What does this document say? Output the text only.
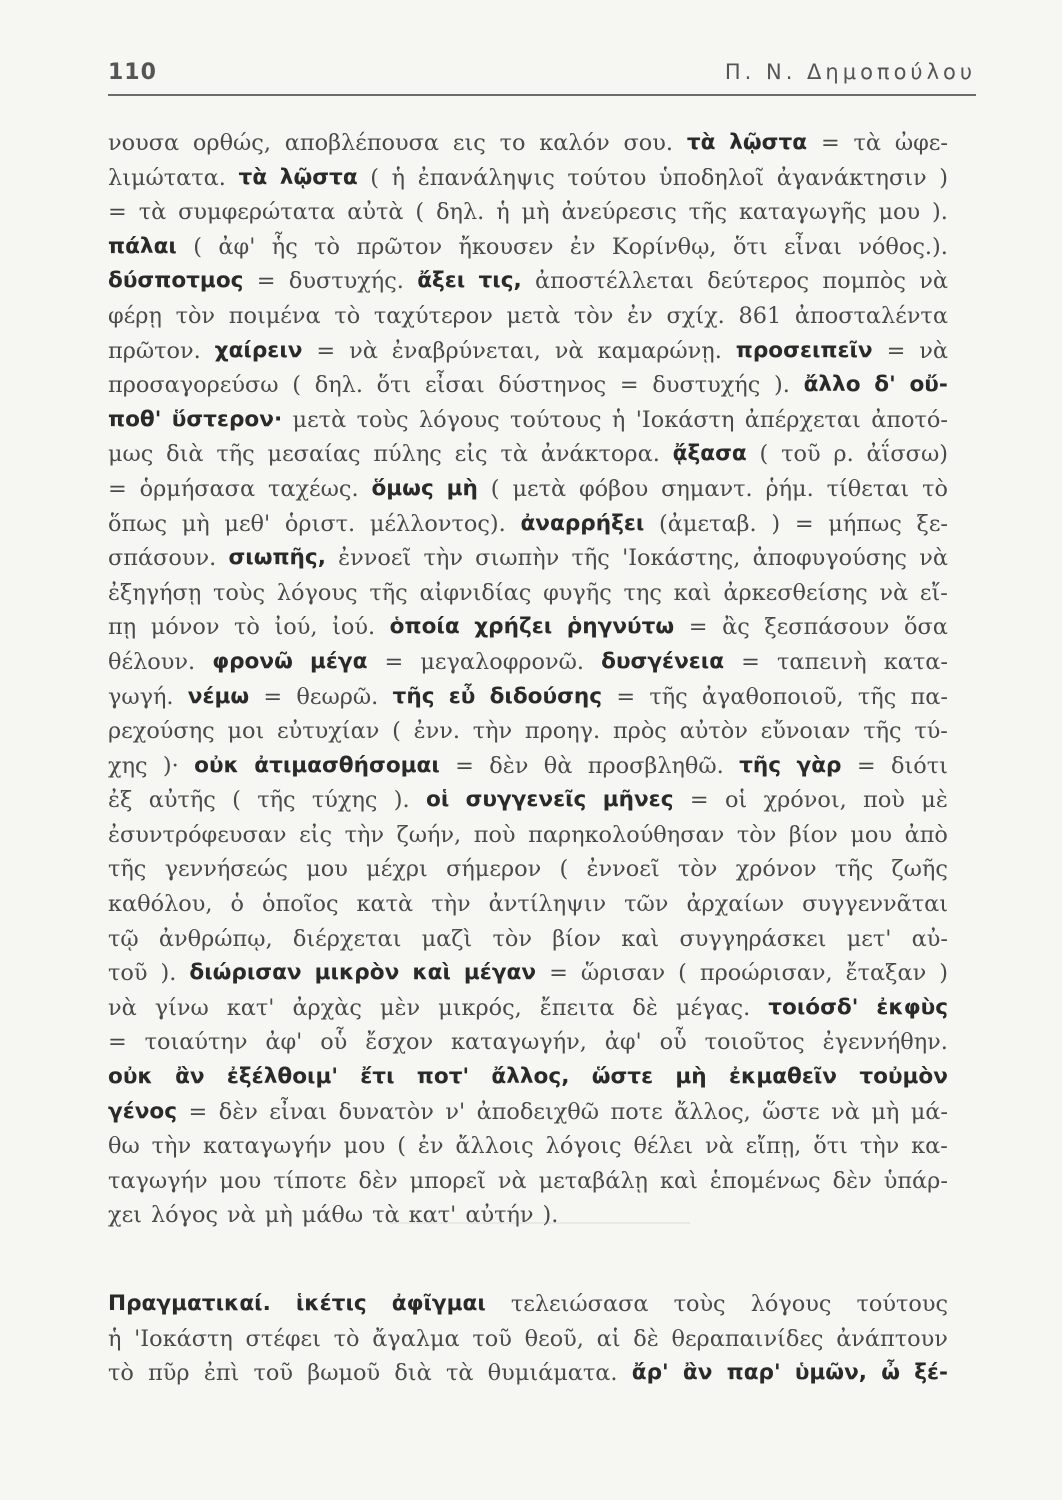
110	Π. Ν. Δημοπούλου
νουσα ορθώς, αποβλέπουσα εις το καλόν σου. τὰ λῷστα = τὰ ὠφε-
λιμώτατα. τὰ λῷστα ( ἡ ἐπανάληψις τούτου ὑποδηλοῖ ἀγανάκτησιν )
= τὰ συμφερώτατα αὐτὰ ( δηλ. ἡ μὴ ἀνεύρεσις τῆς καταγωγῆς μου ).
πάλαι ( ἀφ' ἧς τὸ πρῶτον ἤκουσεν ἐν Κορίνθῳ, ὅτι εἶναι νόθος.).
δύσποτμος = δυστυχής. ἄξει τις, ἀποστέλλεται δεύτερος πομπὸς νὰ
φέρῃ τὸν ποιμένα τὸ ταχύτερον μετὰ τὸν ἐν σχίχ. 861 ἀποσταλέντα
πρῶτον. χαίρειν = νὰ ἐναβρύνεται, νὰ καμαρώνῃ. προσειπεῖν = νὰ
προσαγορεύσω ( δηλ. ὅτι εἶσαι δύστηνος = δυστυχής ). ἄλλο δ' οὔ-
ποθ' ὕστερον· μετὰ τοὺς λόγους τούτους ἡ 'Ιοκάστη ἀπέρχεται ἀποτό-
μως διὰ τῆς μεσαίας πύλης εἰς τὰ ἀνάκτορα. ᾄξασα ( τοῦ ρ. ἀΐσσω)
= ὁρμήσασα ταχέως. ὅμως μὴ ( μετὰ φόβου σημαντ. ῥήμ. τίθεται τὸ
ὅπως μὴ μεθ' ὁριστ. μέλλοντος). ἀναρρήξει (ἀμεταβ. ) = μήπως ξε-
σπάσουν. σιωπῆς, ἐννοεῖ τὴν σιωπὴν τῆς 'Ιοκάστης, ἀποφυγούσης νὰ
ἐξηγήσῃ τοὺς λόγους τῆς αἰφνιδίας φυγῆς της καὶ ἀρκεσθείσης νὰ εἴ-
πῃ μόνον τὸ ἰού, ἰού. ὁποία χρήζει ῥηγνύτω = ἂς ξεσπάσουν ὅσα
θέλουν. φρονῶ μέγα = μεγαλοφρονῶ. δυσγένεια = ταπεινὴ κατα-
γωγή. νέμω = θεωρῶ. τῆς εὖ διδούσης = τῆς ἀγαθοποιοῦ, τῆς πα-
ρεχούσης μοι εὐτυχίαν ( ἐνν. τὴν προηγ. πρὸς αὐτὸν εὔνοιαν τῆς τύ-
χης )· οὐκ ἀτιμασθήσομαι = δὲν θὰ προσβληθῶ. τῆς γὰρ = διότι
ἐξ αὐτῆς ( τῆς τύχης ). οἱ συγγενεῖς μῆνες = οἱ χρόνοι, ποὺ μὲ
ἐσυντρόφευσαν εἰς τὴν ζωήν, ποὺ παρηκολούθησαν τὸν βίον μου ἀπὸ
τῆς γεννήσεώς μου μέχρι σήμερον ( ἐννοεῖ τὸν χρόνον τῆς ζωῆς
καθόλου, ὁ ὁποῖος κατὰ τὴν ἀντίληψιν τῶν ἀρχαίων συγγεννᾶται
τῷ ἀνθρώπῳ, διέρχεται μαζὶ τὸν βίον καὶ συγγηράσκει μετ' αὐ-
τοῦ ). διώρισαν μικρὸν καὶ μέγαν = ὥρισαν ( προώρισαν, ἔταξαν )
νὰ γίνω κατ' ἀρχὰς μὲν μικρός, ἔπειτα δὲ μέγας. τοιόσδ' ἐκφὺς
= τοιαύτην ἀφ' οὗ ἔσχον καταγωγήν, ἀφ' οὗ τοιοῦτος ἐγεννήθην.
οὐκ ἂν ἐξέλθοιμ' ἔτι ποτ' ἄλλος, ὥστε μὴ ἐκμαθεῖν τοὐμὸν
γένος = δὲν εἶναι δυνατὸν ν' ἀποδειχθῶ ποτε ἄλλος, ὥστε νὰ μὴ μά-
θω τὴν καταγωγήν μου ( ἐν ἄλλοις λόγοις θέλει νὰ εἴπῃ, ὅτι τὴν κα-
ταγωγήν μου τίποτε δὲν μπορεῖ νὰ μεταβάλῃ καὶ ἑπομένως δὲν ὑπάρ-
χει λόγος νὰ μὴ μάθω τὰ κατ' αὐτήν ).
Πραγματικαί. ἱκέτις ἀφῖγμαι τελειώσασα τοὺς λόγους τούτους
ἡ 'Ιοκάστη στέφει τὸ ἄγαλμα τοῦ θεοῦ, αἱ δὲ θεραπαινίδες ἀνάπτουν
τὸ πῦρ ἐπὶ τοῦ βωμοῦ διὰ τὰ θυμιάματα. ἄρ' ἂν παρ' ὑμῶν, ὦ ξέ-
